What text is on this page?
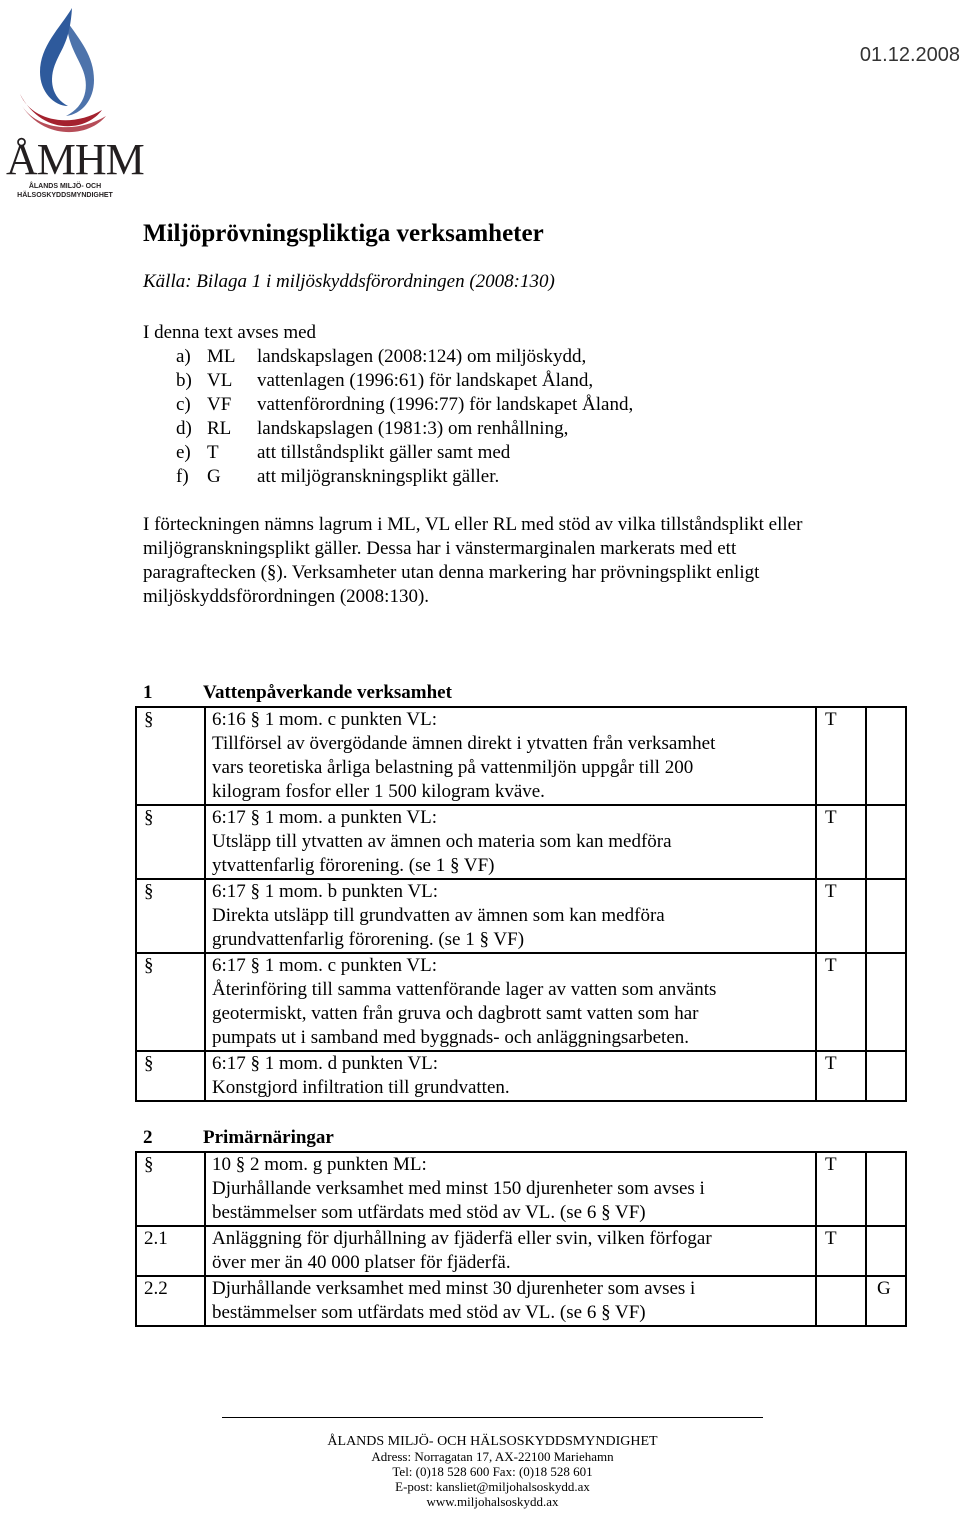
ÅMHM
ÅLANDS MILJÖ- OCH
HÄLSOSKYDDSMYNDIGHET
01.12.2008
Miljöprövningspliktiga verksamheter
Källa: Bilaga 1 i miljöskyddsförordningen (2008:130)
I denna text avses med
a) ML	landskapslagen (2008:124) om miljöskydd,
b) VL	vattenlagen (1996:61) för landskapet Åland,
c) VF	vattenförordning (1996:77) för landskapet Åland,
d) RL	landskapslagen (1981:3) om renhållning,
e) T	att tillståndsplikt gäller samt med
f) G	att miljögranskningsplikt gäller.
I förteckningen nämns lagrum i ML, VL eller RL med stöd av vilka tillståndsplikt eller
miljögranskningsplikt gäller. Dessa har i vänstermarginalen markerats med ett
paragraftecken (§). Verksamheter utan denna markering har prövningsplikt enligt
miljöskyddsförordningen (2008:130).
1	Vattenpåverkande verksamhet
§	6:16 § 1 mom. c punkten VL:
Tillförsel av övergödande ämnen direkt i ytvatten från verksamhet
vars teoretiska årliga belastning på vattenmiljön uppgår till 200
kilogram fosfor eller 1 500 kilogram kväve.	T	
§	6:17 § 1 mom. a punkten VL:
Utsläpp till ytvatten av ämnen och materia som kan medföra
ytvattenfarlig förorening. (se 1 § VF)	T	
§	6:17 § 1 mom. b punkten VL:
Direkta utsläpp till grundvatten av ämnen som kan medföra
grundvattenfarlig förorening. (se 1 § VF)	T	
§	6:17 § 1 mom. c punkten VL:
Återinföring till samma vattenförande lager av vatten som använts
geotermiskt, vatten från gruva och dagbrott samt vatten som har
pumpats ut i samband med byggnads- och anläggningsarbeten.	T	
§	6:17 § 1 mom. d punkten VL:
Konstgjord infiltration till grundvatten.	T	
2	Primärnäringar
§	10 § 2 mom. g punkten ML:
Djurhållande verksamhet med minst 150 djurenheter som avses i
bestämmelser som utfärdats med stöd av VL. (se 6 § VF)	T	
2.1	Anläggning för djurhållning av fjäderfä eller svin, vilken förfogar
över mer än 40 000 platser för fjäderfä.	T	
2.2	Djurhållande verksamhet med minst 30 djurenheter som avses i
bestämmelser som utfärdats med stöd av VL. (se 6 § VF)		G
ÅLANDS MILJÖ- OCH HÄLSOSKYDDSMYNDIGHET
Adress: Norragatan 17, AX-22100 Mariehamn
Tel: (0)18 528 600 Fax: (0)18 528 601
E-post: kansliet@miljohalsoskydd.ax
www.miljohalsoskydd.ax
